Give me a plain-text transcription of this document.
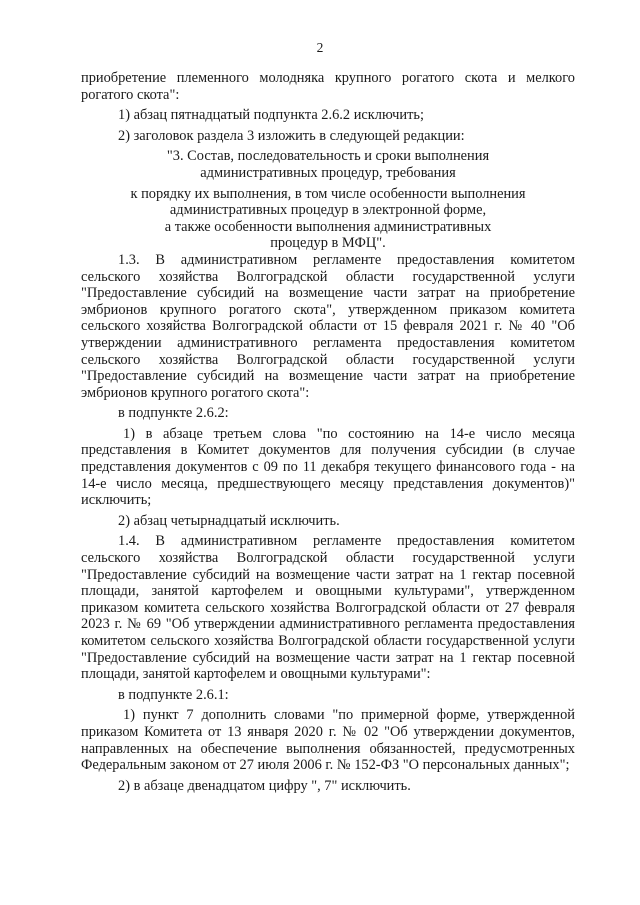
2

приобретение племенного молодняка крупного рогатого скота и мелкого

рогатого скота":

1) абзац пятнадцатый подпункта 2.6.2 исключить;

2) заголовок раздела 3 изложить в следующей редакции:

"3. Состав, последовательность и сроки выполнения

административных процедур, требования

к порядку их выполнения, в том числе особенности выполнения

административных процедур в электронной форме,

а также особенности выполнения административных

процедур в МФЦ".

1.3. В административном регламенте предоставления комитетом сельского хозяйства Волгоградской области государственной услуги "Предоставление субсидий на возмещение части затрат на приобретение эмбрионов крупного рогатого скота", утвержденном приказом комитета сельского хозяйства Волгоградской области от 15 февраля 2021 г. № 40 "Об утверждении административного регламента предоставления комитетом сельского хозяйства Волгоградской области государственной услуги "Предоставление субсидий на возмещение части затрат на приобретение эмбрионов крупного рогатого скота":

в подпункте 2.6.2:

1) в абзаце третьем слова "по состоянию на 14-е число месяца представления в Комитет документов для получения субсидии (в случае представления документов с 09 по 11 декабря текущего финансового года - на 14-е число месяца, предшествующего месяцу представления документов)" исключить;

2) абзац четырнадцатый исключить.

1.4. В административном регламенте предоставления комитетом сельского хозяйства Волгоградской области государственной услуги "Предоставление субсидий на возмещение части затрат на 1 гектар посевной площади, занятой картофелем и овощными культурами", утвержденном приказом комитета сельского хозяйства Волгоградской области от 27 февраля 2023 г. № 69 "Об утверждении административного регламента предоставления комитетом сельского хозяйства Волгоградской области государственной услуги "Предоставление субсидий на возмещение части затрат на 1 гектар посевной площади, занятой картофелем и овощными культурами":

в подпункте 2.6.1:

1) пункт 7 дополнить словами "по примерной форме, утвержденной приказом Комитета от 13 января 2020 г. № 02 "Об утверждении документов, направленных на обеспечение выполнения обязанностей, предусмотренных Федеральным законом от 27 июля 2006 г. № 152-ФЗ "О персональных данных";

2) в абзаце двенадцатом цифру ", 7" исключить.
